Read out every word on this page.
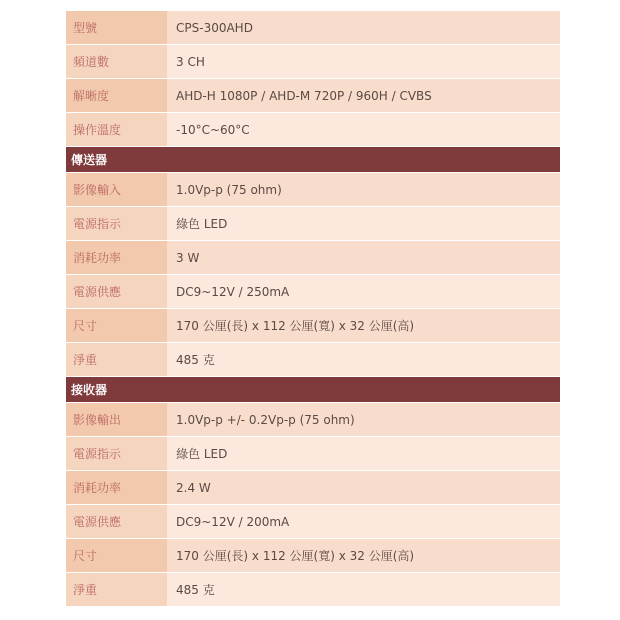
型號	CPS-300AHD
頻道數	3 CH
解晰度	AHD-H 1080P / AHD-M 720P / 960H / CVBS
操作溫度	-10°C~60°C
傳送器	
影像輸入	1.0Vp-p (75 ohm)
電源指示	綠色 LED
消耗功率	3 W
電源供應	DC9~12V / 250mA
尺寸	170 公厘(長) x 112 公厘(寬) x 32 公厘(高)
淨重	485 克
接收器	
影像輸出	1.0Vp-p +/- 0.2Vp-p (75 ohm)
電源指示	綠色 LED
消耗功率	2.4 W
電源供應	DC9~12V / 200mA
尺寸	170 公厘(長) x 112 公厘(寬) x 32 公厘(高)
淨重	485 克
